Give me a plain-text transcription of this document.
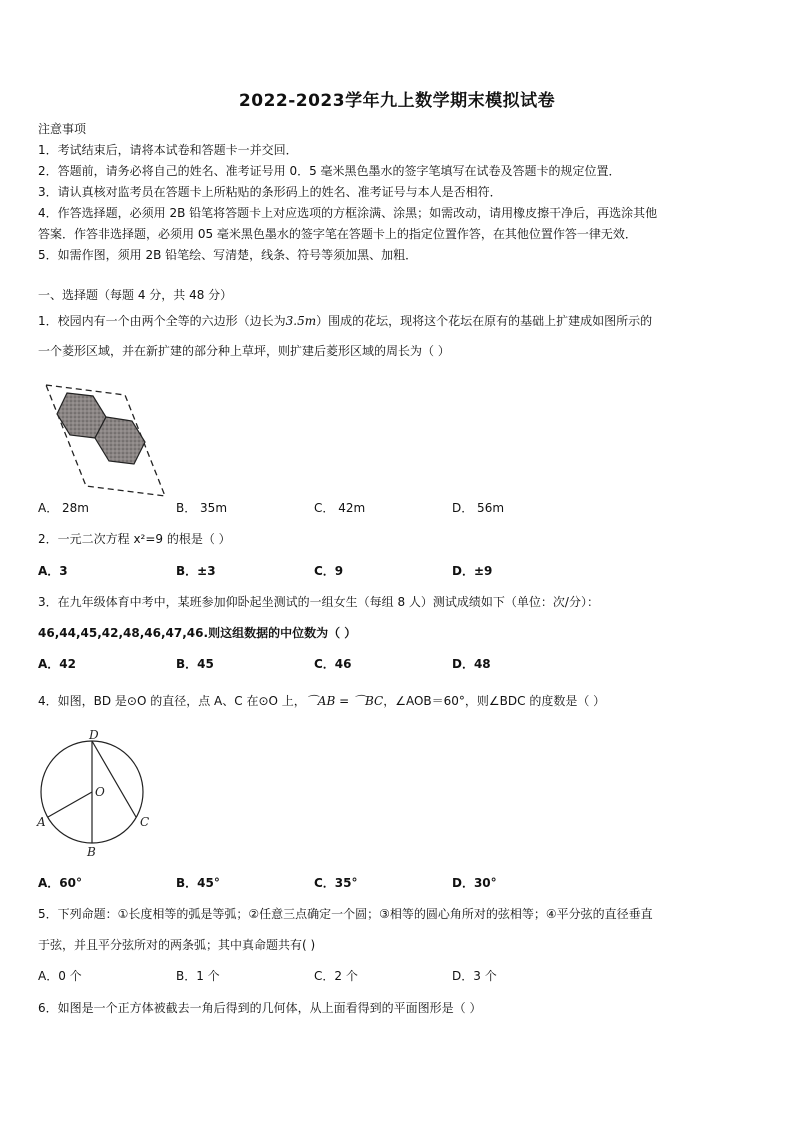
2022-2023学年九上数学期末模拟试卷
注意事项
1．考试结束后，请将本试卷和答题卡一并交回．
2．答题前，请务必将自己的姓名、准考证号用 0．5 毫米黑色墨水的签字笔填写在试卷及答题卡的规定位置．
3．请认真核对监考员在答题卡上所粘贴的条形码上的姓名、准考证号与本人是否相符．
4．作答选择题，必须用 2B 铅笔将答题卡上对应选项的方框涂满、涂黑；如需改动，请用橡皮擦干净后，再选涂其他
答案．作答非选择题，必须用 05 毫米黑色墨水的签字笔在答题卡上的指定位置作答，在其他位置作答一律无效．
5．如需作图，须用 2B 铅笔绘、写清楚，线条、符号等须加黑、加粗．
一、选择题（每题 4 分，共 48 分）
1．校园内有一个由两个全等的六边形（边长为3.5m）围成的花坛，现将这个花坛在原有的基础上扩建成如图所示的
一个菱形区域，并在新扩建的部分种上草坪，则扩建后菱形区域的周长为（ ）
A． 28m	B． 35m	C． 42m	D． 56m
2．一元二次方程 x²=9 的根是（ ）
A．3	B．±3	C．9	D．±9
3．在九年级体育中考中，某班参加仰卧起坐测试的一组女生（每组 8 人）测试成绩如下（单位：次/分）：
46,44,45,42,48,46,47,46.则这组数据的中位数为（ ）
A．42	B．45	C．46	D．48
4．如图，BD 是⊙O 的直径，点 A、C 在⊙O 上，⌒AB = ⌒BC，∠AOB＝60°，则∠BDC 的度数是（ ）
D
O
A
B
C
A．60°	B．45°	C．35°	D．30°
5．下列命题：①长度相等的弧是等弧；②任意三点确定一个圆；③相等的圆心角所对的弦相等；④平分弦的直径垂直
于弦，并且平分弦所对的两条弧；其中真命题共有( )
A．0 个	B．1 个	C．2 个	D．3 个
6．如图是一个正方体被截去一角后得到的几何体，从上面看得到的平面图形是（ ）
